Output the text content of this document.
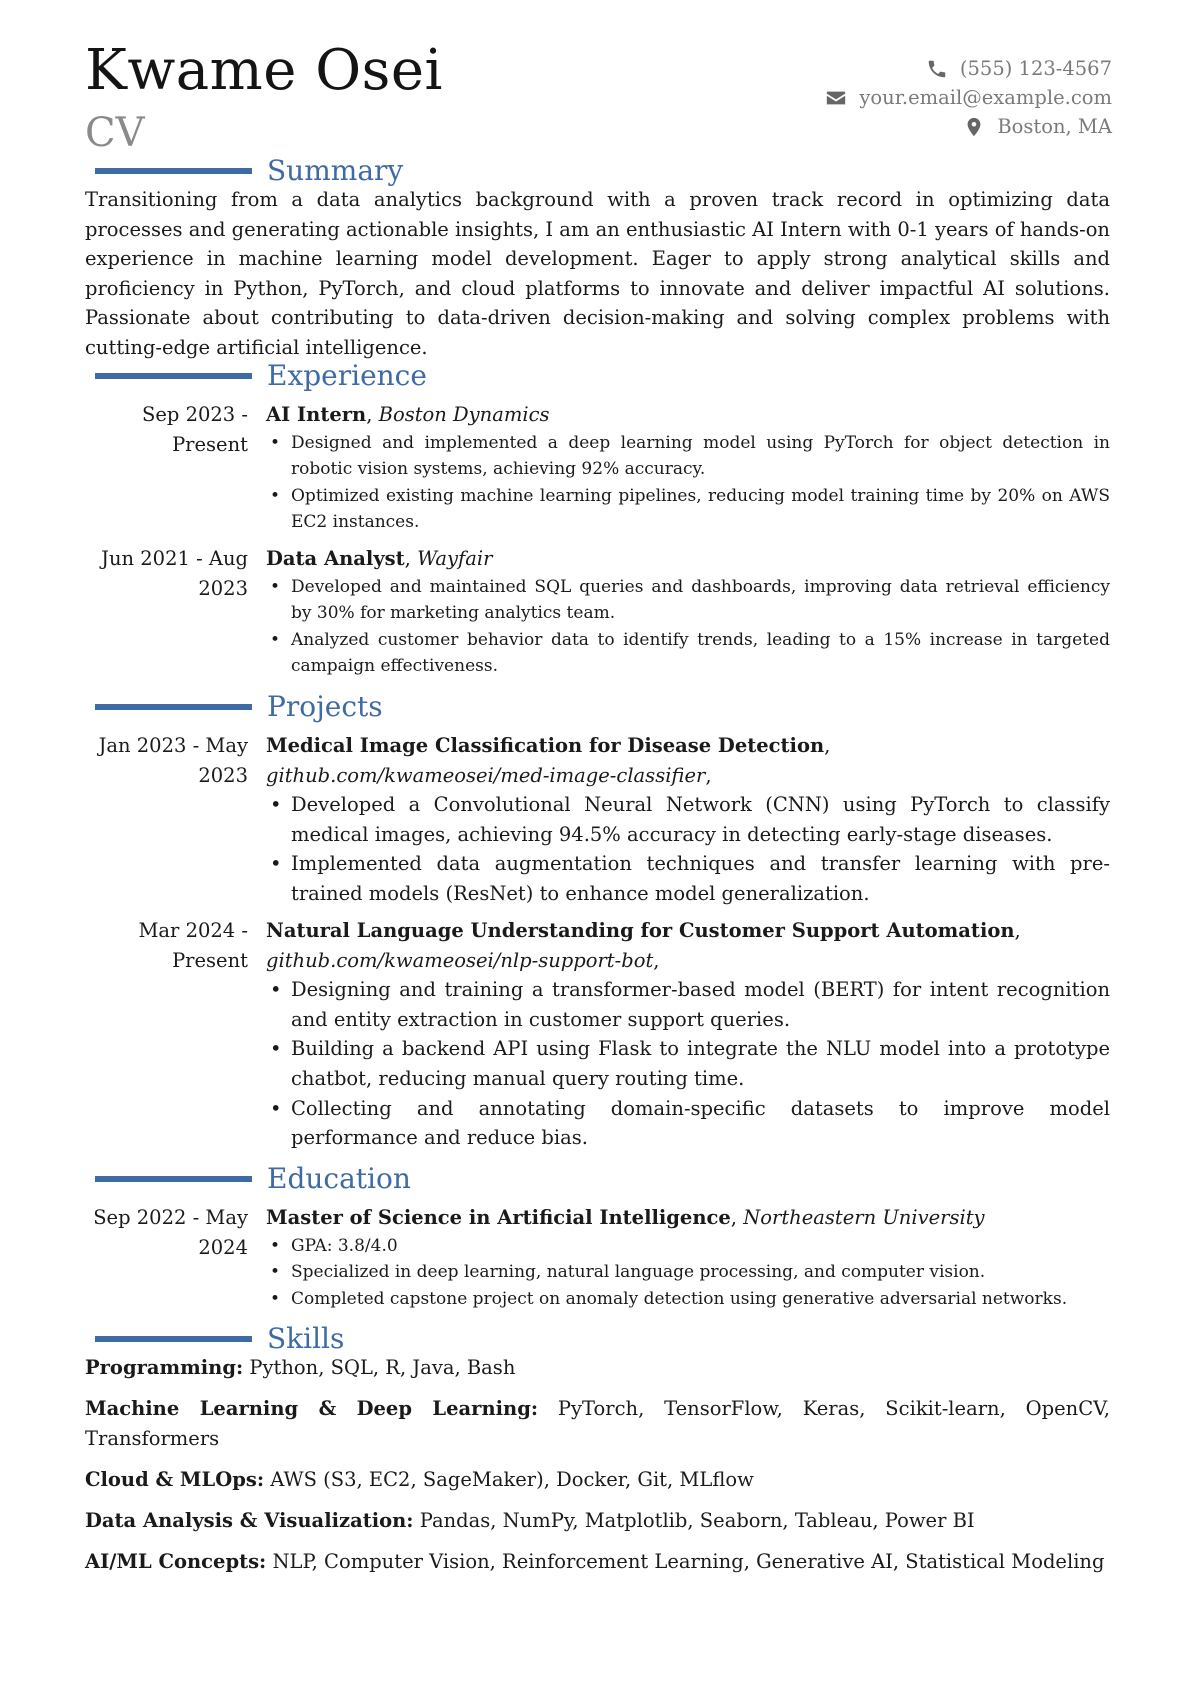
Kwame Osei
CV
(555) 123-4567
your.email@example.com
Boston, MA
Summary
Transitioning from a data analytics background with a proven track record in optimizing data processes and generating actionable insights, I am an enthusiastic AI Intern with 0-1 years of hands-on experience in machine learning model development. Eager to apply strong analytical skills and proficiency in Python, PyTorch, and cloud platforms to innovate and deliver impactful AI solutions. Passionate about contributing to data-driven decision-making and solving complex problems with cutting-edge artificial intelligence.
Experience
Sep 2023 - Present
AI Intern, Boston Dynamics
• Designed and implemented a deep learning model using PyTorch for object detection in robotic vision systems, achieving 92% accuracy.
• Optimized existing machine learning pipelines, reducing model training time by 20% on AWS EC2 instances.
Jun 2021 - Aug 2023
Data Analyst, Wayfair
• Developed and maintained SQL queries and dashboards, improving data retrieval efficiency by 30% for marketing analytics team.
• Analyzed customer behavior data to identify trends, leading to a 15% increase in targeted campaign effectiveness.
Projects
Jan 2023 - May 2023
Medical Image Classification for Disease Detection, github.com/kwameosei/med-image-classifier,
• Developed a Convolutional Neural Network (CNN) using PyTorch to classify medical images, achieving 94.5% accuracy in detecting early-stage diseases.
• Implemented data augmentation techniques and transfer learning with pre-trained models (ResNet) to enhance model generalization.
Mar 2024 - Present
Natural Language Understanding for Customer Support Automation, github.com/kwameosei/nlp-support-bot,
• Designing and training a transformer-based model (BERT) for intent recognition and entity extraction in customer support queries.
• Building a backend API using Flask to integrate the NLU model into a prototype chatbot, reducing manual query routing time.
• Collecting and annotating domain-specific datasets to improve model performance and reduce bias.
Education
Sep 2022 - May 2024
Master of Science in Artificial Intelligence, Northeastern University
• GPA: 3.8/4.0
• Specialized in deep learning, natural language processing, and computer vision.
• Completed capstone project on anomaly detection using generative adversarial networks.
Skills
Programming: Python, SQL, R, Java, Bash
Machine Learning & Deep Learning: PyTorch, TensorFlow, Keras, Scikit-learn, OpenCV, Transformers
Cloud & MLOps: AWS (S3, EC2, SageMaker), Docker, Git, MLflow
Data Analysis & Visualization: Pandas, NumPy, Matplotlib, Seaborn, Tableau, Power BI
AI/ML Concepts: NLP, Computer Vision, Reinforcement Learning, Generative AI, Statistical Modeling
